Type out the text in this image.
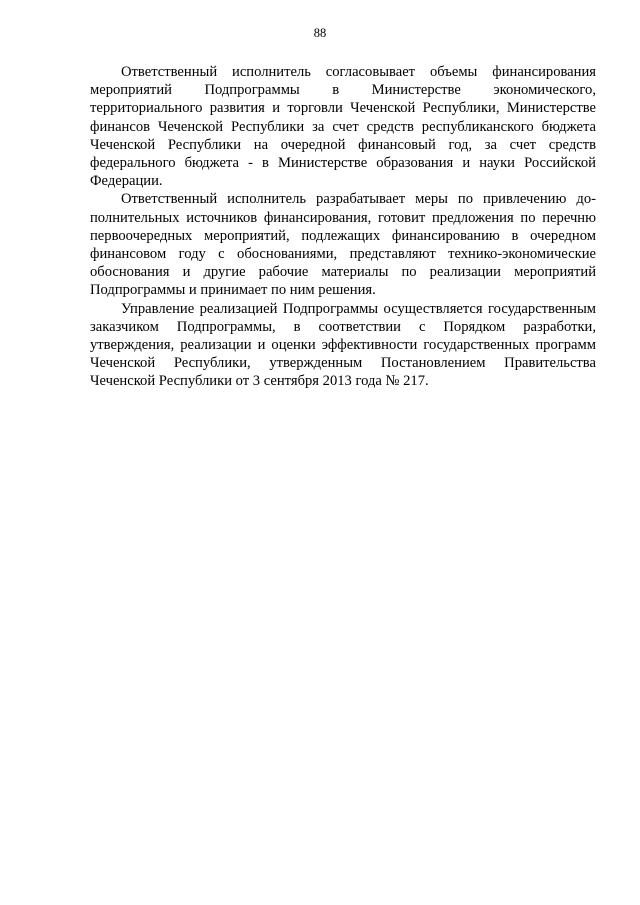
88

Ответственный исполнитель согласовывает объемы финансирования мероприятий Подпрограммы в Министерстве экономического, территориального развития и торговли Чеченской Республики, Министерстве финансов Чеченской Республики за счет средств республиканского бюджета Чеченской Республики на очередной финансовый год, за счет средств федерального бюджета - в Министерстве образования и науки Российской Федерации.

Ответственный исполнитель разрабатывает меры по привлечению дополнительных источников финансирования, готовит предложения по перечню первоочередных мероприятий, подлежащих финансированию в очередном финансовом году с обоснованиями, представляют технико-экономические обоснования и другие рабочие материалы по реализации мероприятий Подпрограммы и принимает по ним решения.

Управление реализацией Подпрограммы осуществляется государственным заказчиком Подпрограммы, в соответствии с Порядком разработки, утверждения, реализации и оценки эффективности государственных программ Чеченской Республики, утвержденным Постановлением Правительства Чеченской Республики от 3 сентября 2013 года № 217.
